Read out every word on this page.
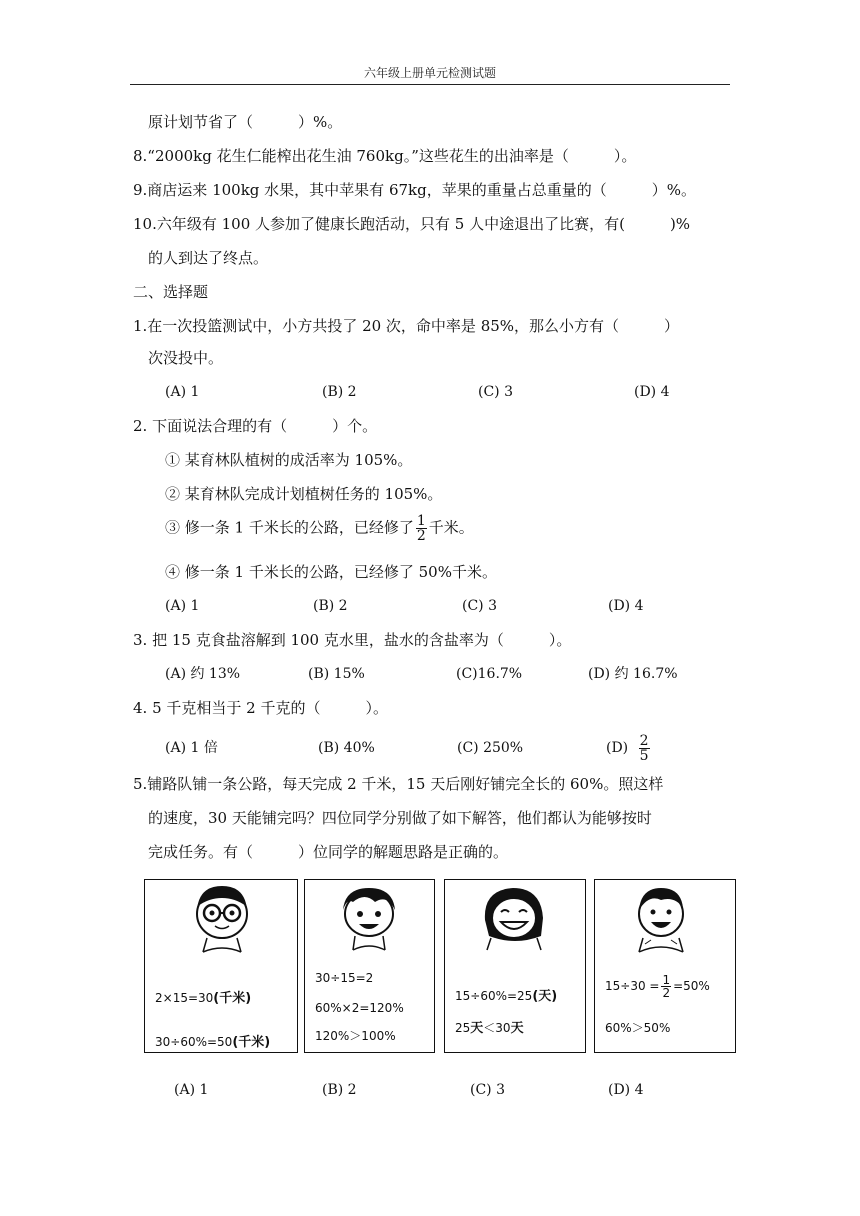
六年级上册单元检测试题
原计划节省了（　　　）%。
8.“2000kg 花生仁能榨出花生油 760kg。”这些花生的出油率是（　　　）。
9.商店运来 100kg 水果，其中苹果有 67kg，苹果的重量占总重量的（　　　）%。
10.六年级有 100 人参加了健康长跑活动，只有 5 人中途退出了比赛，有(　　　)%
的人到达了终点。
二、选择题
1.在一次投篮测试中，小方共投了 20 次，命中率是 85%，那么小方有（　　　）
次没投中。
(A) 1	(B) 2	(C) 3	(D) 4
2. 下面说法合理的有（　　　）个。
① 某育林队植树的成活率为 105%。
② 某育林队完成计划植树任务的 105%。
③ 修一条 1 千米长的公路，已经修了 $\frac{1}{2}$ 千米。
④ 修一条 1 千米长的公路，已经修了 50%千米。
(A) 1	(B) 2	(C) 3	(D) 4
3. 把 15 克食盐溶解到 100 克水里，盐水的含盐率为（　　　）。
(A) 约 13%	(B) 15%	(C)16.7%	(D) 约 16.7%
4. 5 千克相当于 2 千克的（　　　）。
(A) 1 倍	(B) 40%	(C) 250%	$(D) \frac{2}{5}$
5.铺路队铺一条公路，每天完成 2 千米，15 天后刚好铺完全长的 60%。照这样
的速度，30 天能铺完吗？四位同学分别做了如下解答，他们都认为能够按时
完成任务。有（　　　）位同学的解题思路是正确的。
2×15=30(千米)
30÷60%=50(千米)
30÷15=2
60%×2=120%
120%＞100%
15÷60%=25(天)
25天＜30天
$15\div 30 = \frac{1}{2} =50\%$
60%＞50%
(A) 1	(B) 2	(C) 3	(D) 4
